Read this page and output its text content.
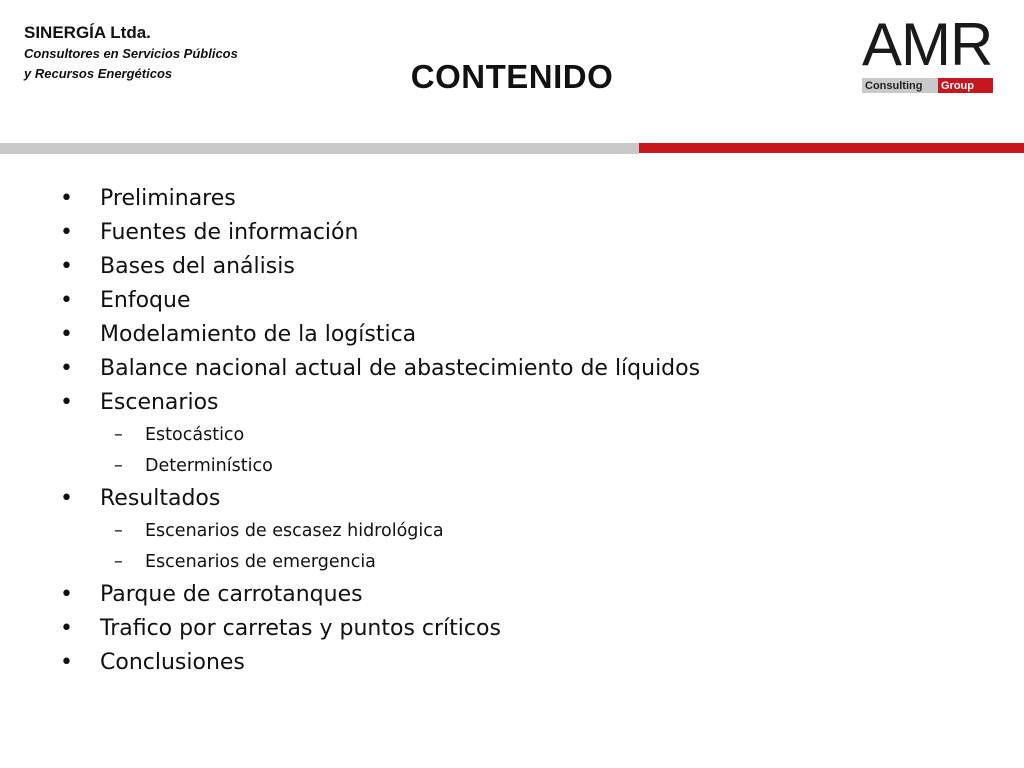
SINERGÍA Ltda.
Consultores en Servicios Públicos
y Recursos Energéticos	CONTENIDO	AMR
Consulting	Group
• Preliminares
• Fuentes de información
• Bases del análisis
• Enfoque
• Modelamiento de la logística
• Balance nacional actual de abastecimiento de líquidos
• Escenarios
– Estocástico
– Determinístico
• Resultados
– Escenarios de escasez hidrológica
– Escenarios de emergencia
• Parque de carrotanques
• Trafico por carretas y puntos críticos
• Conclusiones
